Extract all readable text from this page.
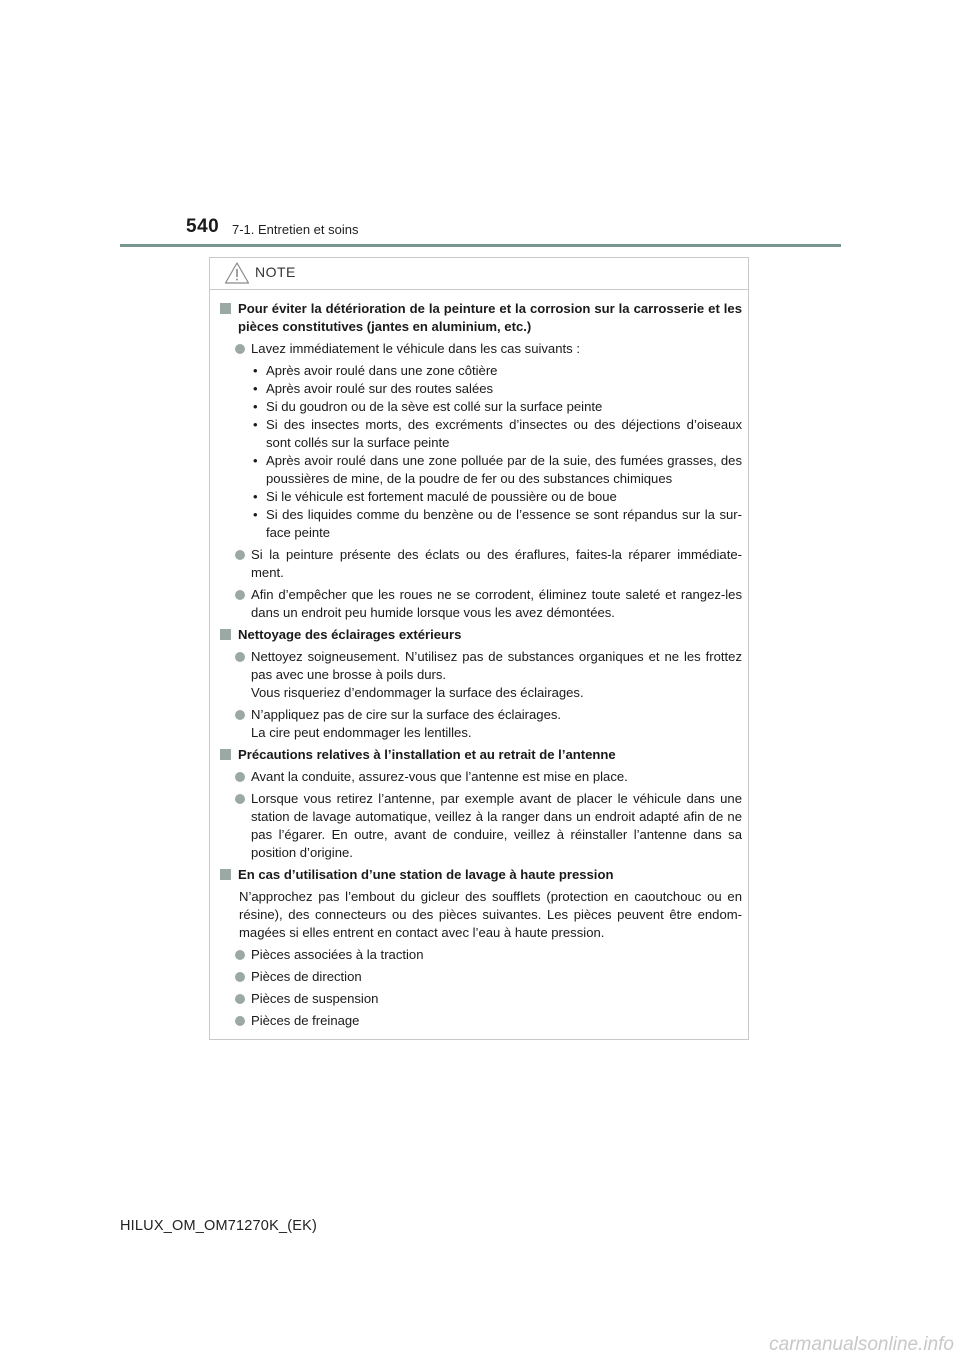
540 7-1. Entretien et soins
NOTE
Pour éviter la détérioration de la peinture et la corrosion sur la carrosserie et les pièces constitutives (jantes en aluminium, etc.)
Lavez immédiatement le véhicule dans les cas suivants :
• Après avoir roulé dans une zone côtière
• Après avoir roulé sur des routes salées
• Si du goudron ou de la sève est collé sur la surface peinte
• Si des insectes morts, des excréments d’insectes ou des déjections d’oiseaux sont collés sur la surface peinte
• Après avoir roulé dans une zone polluée par de la suie, des fumées grasses, des poussières de mine, de la poudre de fer ou des substances chimiques
• Si le véhicule est fortement maculé de poussière ou de boue
• Si des liquides comme du benzène ou de l’essence se sont répandus sur la sur-face peinte
Si la peinture présente des éclats ou des éraflures, faites-la réparer immédiate-ment.
Afin d’empêcher que les roues ne se corrodent, éliminez toute saleté et rangez-les dans un endroit peu humide lorsque vous les avez démontées.
Nettoyage des éclairages extérieurs
Nettoyez soigneusement. N’utilisez pas de substances organiques et ne les frottez pas avec une brosse à poils durs.
Vous risqueriez d’endommager la surface des éclairages.
N’appliquez pas de cire sur la surface des éclairages.
La cire peut endommager les lentilles.
Précautions relatives à l’installation et au retrait de l’antenne
Avant la conduite, assurez-vous que l’antenne est mise en place.
Lorsque vous retirez l’antenne, par exemple avant de placer le véhicule dans une station de lavage automatique, veillez à la ranger dans un endroit adapté afin de ne pas l’égarer. En outre, avant de conduire, veillez à réinstaller l’antenne dans sa position d’origine.
En cas d’utilisation d’une station de lavage à haute pression
N’approchez pas l’embout du gicleur des soufflets (protection en caoutchouc ou en résine), des connecteurs ou des pièces suivantes. Les pièces peuvent être endom-magées si elles entrent en contact avec l’eau à haute pression.
Pièces associées à la traction
Pièces de direction
Pièces de suspension
Pièces de freinage
HILUX_OM_OM71270K_(EK)
carmanualsonline.info
